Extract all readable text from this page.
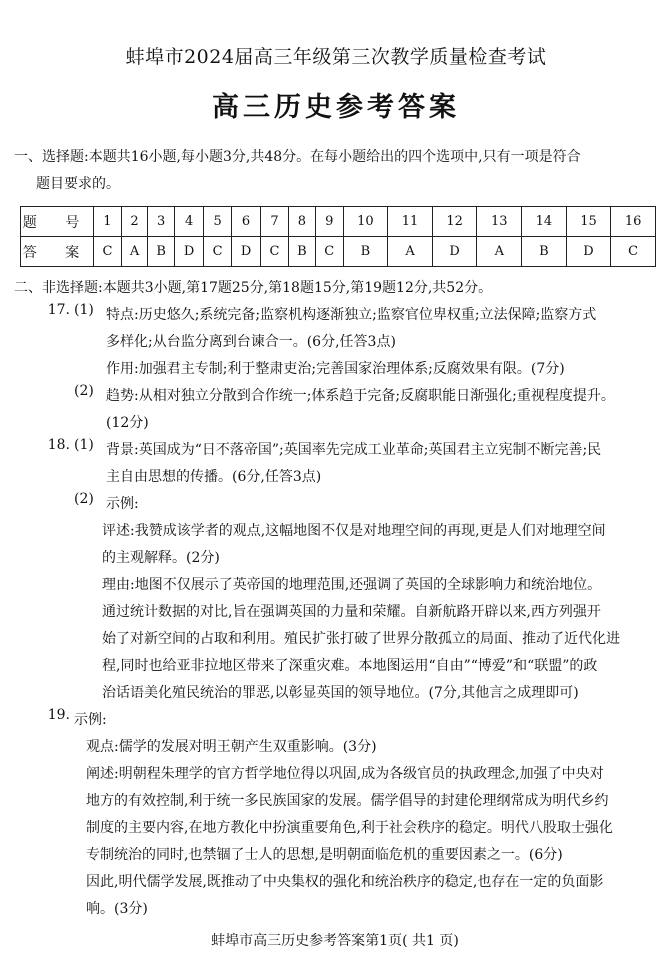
蚌埠市2024届高三年级第三次教学质量检查考试
高三历史参考答案

一、选择题:本题共16小题,每小题3分,共48分。在每小题给出的四个选项中,只有一项是符合

题目要求的。

题 号	1	2	3	4	5	6	7	8	9	10	11	12	13	14	15	16
答 案	C	A	B	D	C	D	C	B	C	B	A	D	A	B	D	C

二、非选择题:本题共3小题,第17题25分,第18题15分,第19题12分,共52分。

17. (1) 特点:历史悠久;系统完备;监察机构逐渐独立;监察官位卑权重;立法保障;监察方式

多样化;从台监分离到台谏合一。(6分,任答3点)

作用:加强君主专制;利于整肃吏治;完善国家治理体系;反腐效果有限。(7分)

(2) 趋势:从相对独立分散到合作统一;体系趋于完备;反腐职能日渐强化;重视程度提升。

(12分)

18. (1) 背景:英国成为“日不落帝国”;英国率先完成工业革命;英国君主立宪制不断完善;民

主自由思想的传播。(6分,任答3点)

(2) 示例:

评述:我赞成该学者的观点,这幅地图不仅是对地理空间的再现,更是人们对地理空间

的主观解释。(2分)

理由:地图不仅展示了英帝国的地理范围,还强调了英国的全球影响力和统治地位。

通过统计数据的对比,旨在强调英国的力量和荣耀。自新航路开辟以来,西方列强开

始了对新空间的占取和利用。殖民扩张打破了世界分散孤立的局面、推动了近代化进

程,同时也给亚非拉地区带来了深重灾难。本地图运用“自由”“博爱”和“联盟”的政

治话语美化殖民统治的罪恶,以彰显英国的领导地位。(7分,其他言之成理即可)

19. 示例:

观点:儒学的发展对明王朝产生双重影响。(3分)

阐述:明朝程朱理学的官方哲学地位得以巩固,成为各级官员的执政理念,加强了中央对

地方的有效控制,利于统一多民族国家的发展。儒学倡导的封建伦理纲常成为明代乡约

制度的主要内容,在地方教化中扮演重要角色,利于社会秩序的稳定。明代八股取士强化

专制统治的同时,也禁锢了士人的思想,是明朝面临危机的重要因素之一。(6分)

因此,明代儒学发展,既推动了中央集权的强化和统治秩序的稳定,也存在一定的负面影

响。(3分)

蚌埠市高三历史参考答案第1页( 共1 页)
